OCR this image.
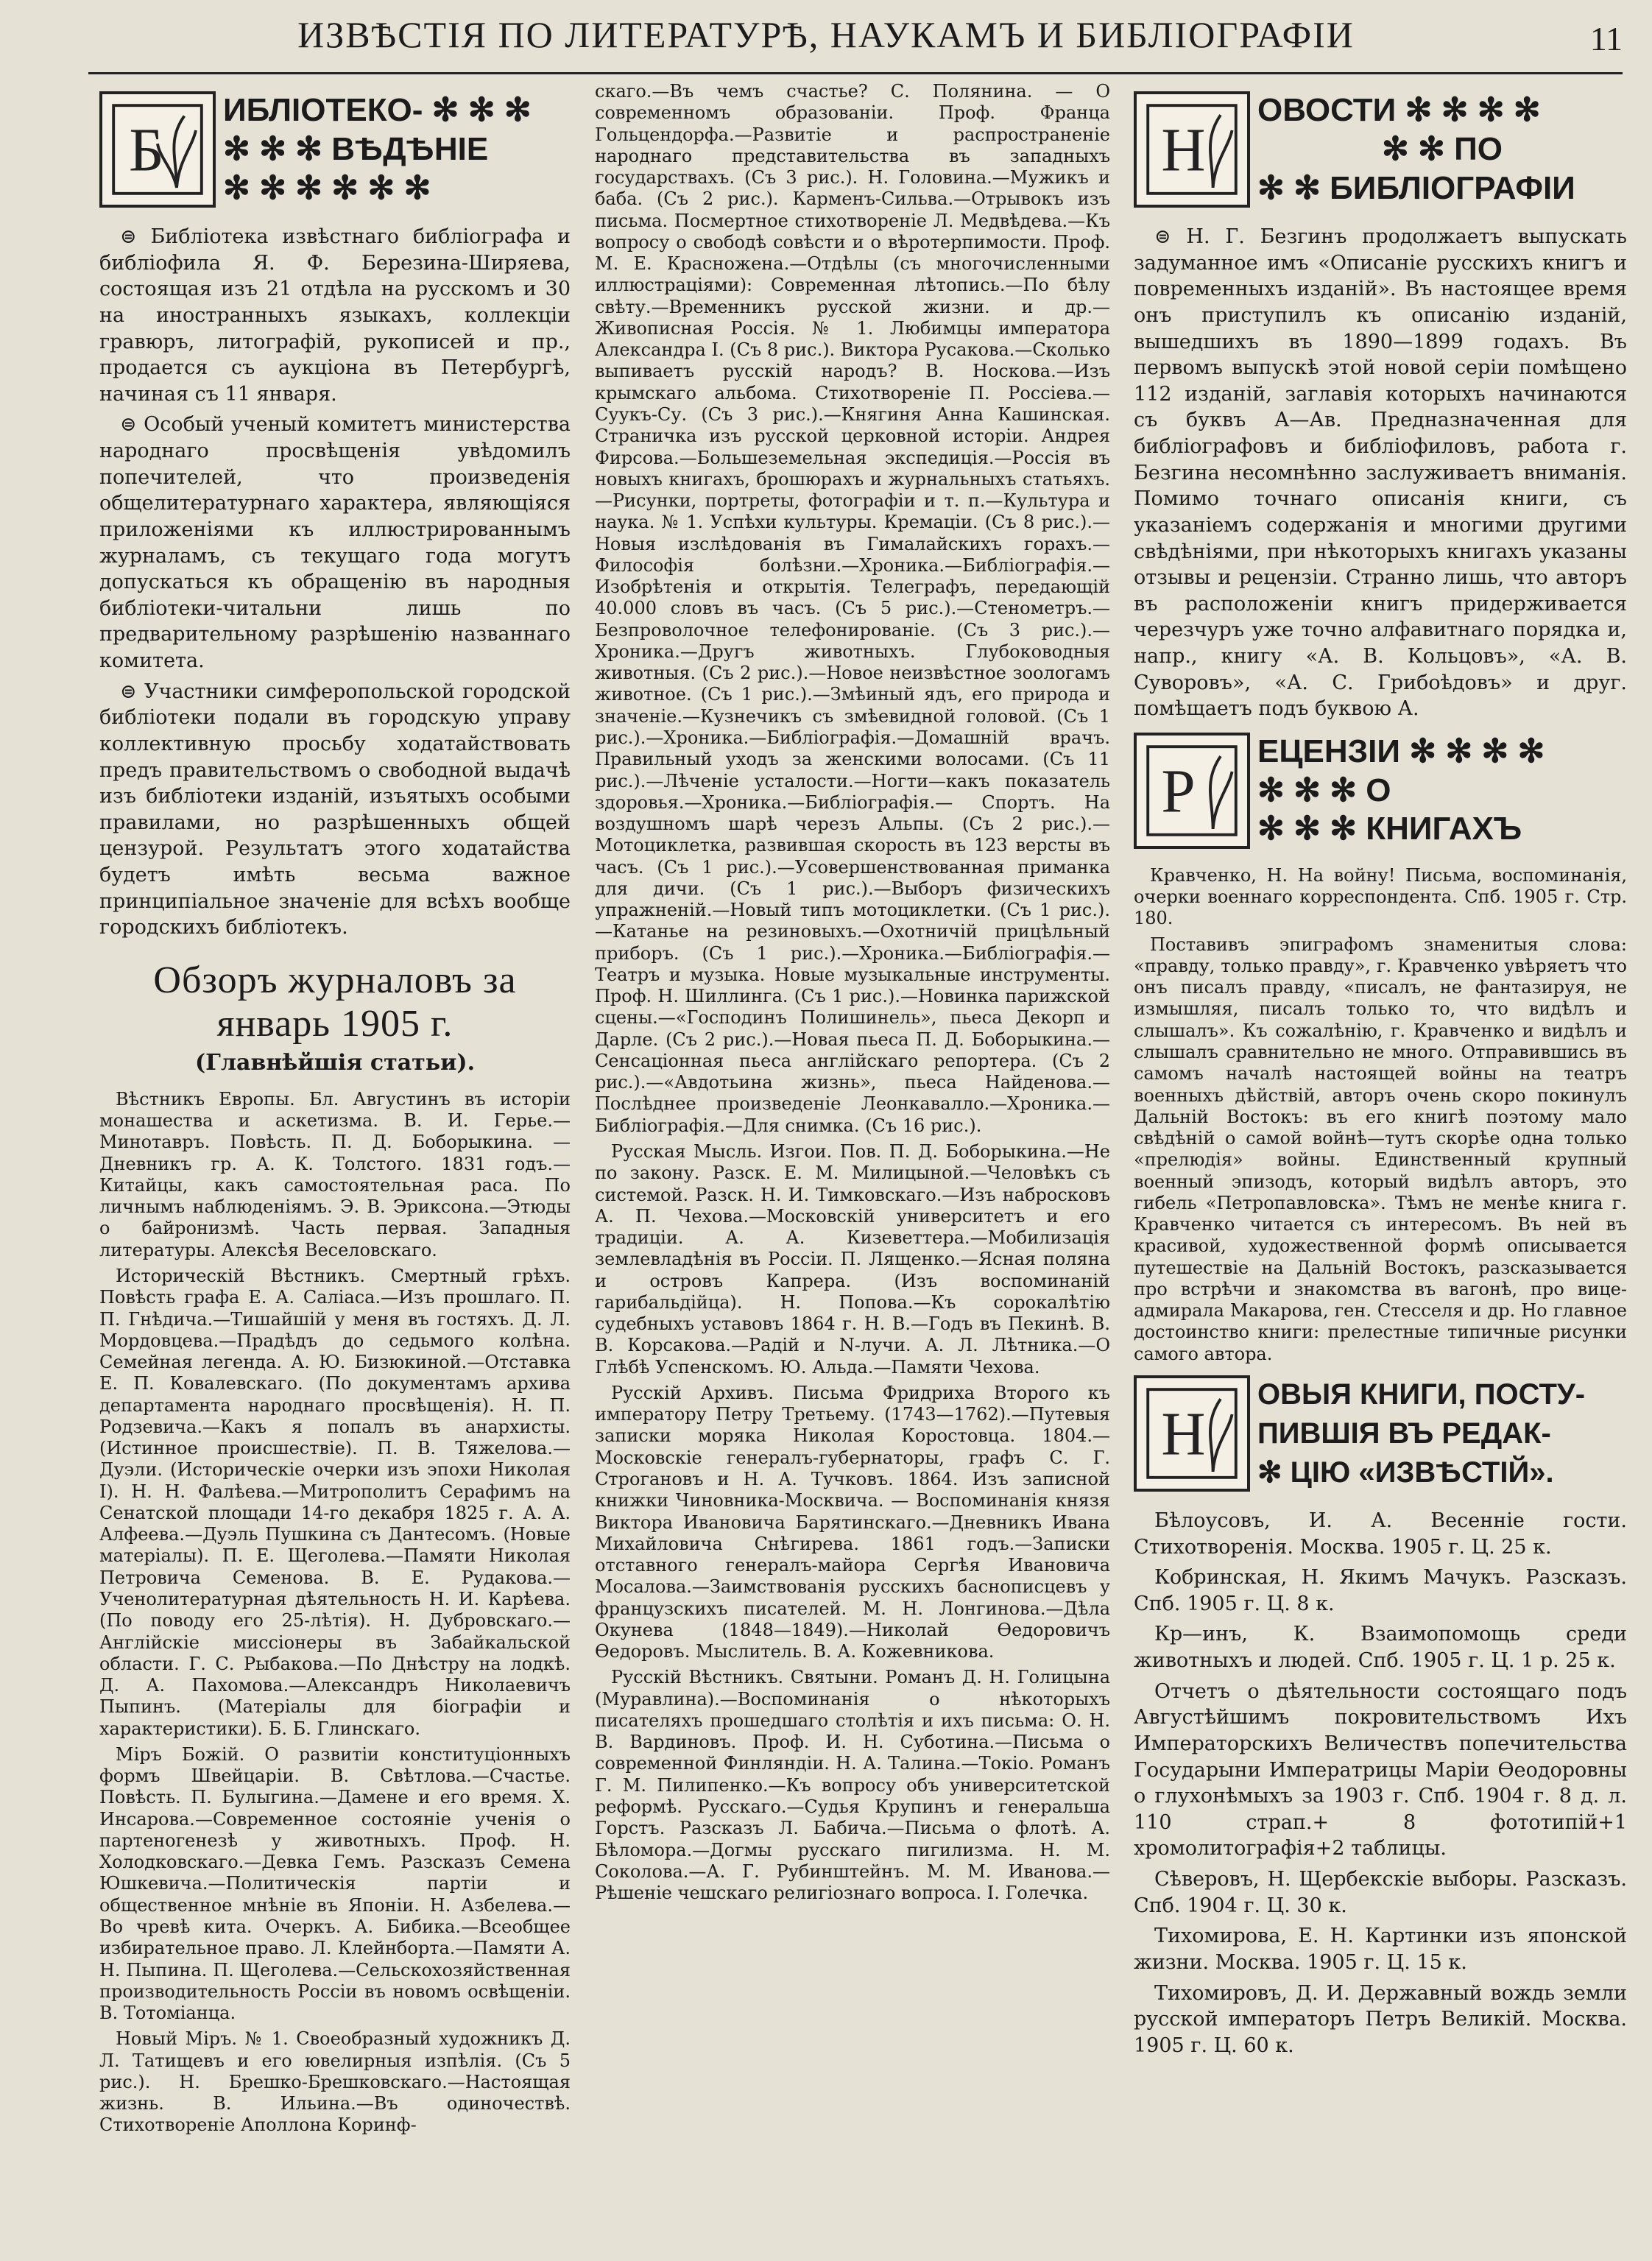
ИЗВѢСТІЯ ПО ЛИТЕРАТУРѢ, НАУКАМЪ И БИБЛІОГРАФІИ	11
Б
ИБЛІОТЕКО- ✻ ✻ ✻
✻ ✻ ✻ ВѢДѢНІЕ
✻ ✻ ✻ ✻ ✻ ✻

⊜ Библіотека извѣстнаго библіографа и библіофила Я. Ф. Березина-Ширяева, состоящая изъ 21 отдѣла на русскомъ и 30 на иностранныхъ языкахъ, коллекціи гравюръ, литографій, рукописей и пр., продается съ аукціона въ Петербургѣ, начиная съ 11 января.

⊜ Особый ученый комитетъ министерства народнаго просвѣщенія увѣдомилъ попечителей, что произведенія общелитературнаго характера, являющіяся приложеніями къ иллюстрированнымъ журналамъ, съ текущаго года могутъ допускаться къ обращенію въ народныя библіотеки-читальни лишь по предварительному разрѣшенію названнаго комитета.

⊜ Участники симферопольской городской библіотеки подали въ городскую управу коллективную просьбу ходатайствовать предъ правительствомъ о свободной выдачѣ изъ библіотеки изданій, изъятыхъ особыми правилами, но разрѣшенныхъ общей цензурой. Результатъ этого ходатайства будетъ имѣть весьма важное принципіальное значеніе для всѣхъ вообще городскихъ библіотекъ.

Обзоръ журналовъ за январь 1905 г.
(Главнѣйшія статьи).

Вѣстникъ Европы. Бл. Августинъ въ исторіи монашества и аскетизма. В. И. Герье.—Минотавръ. Повѣсть. П. Д. Боборыкина. — Дневникъ гр. А. К. Толстого. 1831 годъ.—Китайцы, какъ самостоятельная раса. По личнымъ наблюденіямъ. Э. В. Эриксона.—Этюды о байронизмѣ. Часть первая. Западныя литературы. Алексѣя Веселовскаго.

Историческій Вѣстникъ. Смертный грѣхъ. Повѣсть графа Е. А. Саліаса.—Изъ прошлаго. П. П. Гнѣдича.—Тишайшій у меня въ гостяхъ. Д. Л. Мордовцева.—Прадѣдъ до седьмого колѣна. Семейная легенда. А. Ю. Бизюкиной.—Отставка Е. П. Ковалевскаго. (По документамъ архива департамента народнаго просвѣщенія). Н. П. Родзевича.—Какъ я попалъ въ анархисты. (Истинное происшествіе). П. В. Тяжелова.—Дуэли. (Историческіе очерки изъ эпохи Николая I). Н. Н. Фалѣева.—Митрополитъ Серафимъ на Сенатской площади 14-го декабря 1825 г. А. А. Алфеева.—Дуэль Пушкина съ Дантесомъ. (Новые матеріалы). П. Е. Щеголева.—Памяти Николая Петровича Семенова. В. Е. Рудакова.—Ученолитературная дѣятельность Н. И. Карѣева. (По поводу его 25-лѣтія). Н. Дубровскаго.—Англійскіе миссіонеры въ Забайкальской области. Г. С. Рыбакова.—По Днѣстру на лодкѣ. Д. А. Пахомова.—Александръ Николаевичъ Пыпинъ. (Матеріалы для біографіи и характеристики). Б. Б. Глинскаго.

Міръ Божій. О развитіи конституціонныхъ формъ Швейцаріи. В. Свѣтлова.—Счастье. Повѣсть. П. Булыгина.—Дамене и его время. Х. Инсарова.—Современное состояніе ученія о партеногенезѣ у животныхъ. Проф. Н. Холодковскаго.—Девка Гемъ. Разсказъ Семена Юшкевича.—Политическія партіи и общественное мнѣніе въ Японіи. Н. Азбелева.—Во чревѣ кита. Очеркъ. А. Бибика.—Всеобщее избирательное право. Л. Клейнборта.—Памяти А. Н. Пыпина. П. Щеголева.—Сельскохозяйственная производительность Россіи въ новомъ освѣщеніи. В. Тотоміанца.

Новый Міръ. № 1. Своеобразный художникъ Д. Л. Татищевъ и его ювелирныя изпѣлія. (Съ 5 рис.). Н. Брешко-Брешковскаго.—Настоящая жизнь. В. Ильина.—Въ одиночествѣ. Стихотвореніе Аполлона Коринф-

скаго.—Въ чемъ счастье? С. Полянина. — О современномъ образованіи. Проф. Франца Гольцендорфа.—Развитіе и распространеніе народнаго представительства въ западныхъ государствахъ. (Съ 3 рис.). Н. Головина.—Мужикъ и баба. (Съ 2 рис.). Карменъ-Сильва.—Отрывокъ изъ письма. Посмертное стихотвореніе Л. Медвѣдева.—Къ вопросу о свободѣ совѣсти и о вѣротерпимости. Проф. М. Е. Красножена.—Отдѣлы (съ многочисленными иллюстраціями): Современная лѣтопись.—По бѣлу свѣту.—Временникъ русской жизни. и др.—Живописная Россія. № 1. Любимцы императора Александра I. (Съ 8 рис.). Виктора Русакова.—Сколько выпиваетъ русскій народъ? В. Носкова.—Изъ крымскаго альбома. Стихотвореніе П. Россіева.—Суукъ-Су. (Съ 3 рис.).—Княгиня Анна Кашинская. Страничка изъ русской церковной исторіи. Андрея Фирсова.—Большеземельная экспедиція.—Россія въ новыхъ книгахъ, брошюрахъ и журнальныхъ статьяхъ.—Рисунки, портреты, фотографіи и т. п.—Культура и наука. № 1. Успѣхи культуры. Кремаціи. (Съ 8 рис.).—Новыя изслѣдованія въ Гималайскихъ горахъ.—Философія болѣзни.—Хроника.—Библіографія.—Изобрѣтенія и открытія. Телеграфъ, передающій 40.000 словъ въ часъ. (Съ 5 рис.).—Стенометръ.—Безпроволочное телефонированіе. (Съ 3 рис.).—Хроника.—Другъ животныхъ. Глубоководныя животныя. (Съ 2 рис.).—Новое неизвѣстное зоологамъ животное. (Съ 1 рис.).—Змѣиный ядъ, его природа и значеніе.—Кузнечикъ съ змѣевидной головой. (Съ 1 рис.).—Хроника.—Библіографія.—Домашній врачъ. Правильный уходъ за женскими волосами. (Съ 11 рис.).—Лѣченіе усталости.—Ногти—какъ показатель здоровья.—Хроника.—Библіографія.— Спортъ. На воздушномъ шарѣ черезъ Альпы. (Съ 2 рис.).—Мотоциклетка, развившая скорость въ 123 версты въ часъ. (Съ 1 рис.).—Усовершенствованная приманка для дичи. (Съ 1 рис.).—Выборъ физическихъ упражненій.—Новый типъ мотоциклетки. (Съ 1 рис.).—Катанье на резиновыхъ.—Охотничій прицѣльный приборъ. (Съ 1 рис.).—Хроника.—Библіографія.—Театръ и музыка. Новые музыкальные инструменты. Проф. Н. Шиллинга. (Съ 1 рис.).—Новинка парижской сцены.—«Господинъ Полишинель», пьеса Декорп и Дарле. (Съ 2 рис.).—Новая пьеса П. Д. Боборыкина.—Сенсаціонная пьеса англійскаго репортера. (Съ 2 рис.).—«Авдотьина жизнь», пьеса Найденова.—Послѣднее произведеніе Леонкавалло.—Хроника.—Библіографія.—Для снимка. (Съ 16 рис.).

Русская Мысль. Изгои. Пов. П. Д. Боборыкина.—Не по закону. Разск. Е. М. Милицыной.—Человѣкъ съ системой. Разск. Н. И. Тимковскаго.—Изъ набросковъ А. П. Чехова.—Московскій университетъ и его традиціи. А. А. Кизеветтера.—Мобилизація землевладѣнія въ Россіи. П. Лященко.—Ясная поляна и островъ Капрера. (Изъ воспоминаній гарибальдійца). Н. Попова.—Къ сорокалѣтію судебныхъ уставовъ 1864 г. Н. В.—Годъ въ Пекинѣ. В. В. Корсакова.—Радій и N-лучи. А. Л. Лѣтника.—О Глѣбѣ Успенскомъ. Ю. Альда.—Памяти Чехова.

Русскій Архивъ. Письма Фридриха Второго къ императору Петру Третьему. (1743—1762).—Путевыя записки моряка Николая Коростовца. 1804.—Московскіе генералъ-губернаторы, графъ С. Г. Строгановъ и Н. А. Тучковъ. 1864. Изъ записной книжки Чиновника-Москвича. — Воспоминанія князя Виктора Ивановича Барятинскаго.—Дневникъ Ивана Михайловича Снѣгирева. 1861 годъ.—Записки отставного генералъ-майора Сергѣя Ивановича Мосалова.—Заимствованія русскихъ баснописцевъ у французскихъ писателей. М. Н. Лонгинова.—Дѣла Окунева (1848—1849).—Николай Ѳедоровичъ Ѳедоровъ. Мыслитель. В. А. Кожевникова.

Русскій Вѣстникъ. Святыни. Романъ Д. Н. Голицына (Муравлина).—Воспоминанія о нѣкоторыхъ писателяхъ прошедшаго столѣтія и ихъ письма: О. Н. В. Вардиновъ. Проф. И. Н. Суботина.—Письма о современной Финляндіи. Н. А. Талина.—Токіо. Романъ Г. М. Пилипенко.—Къ вопросу объ университетской реформѣ. Русскаго.—Судья Крупинъ и генеральша Горстъ. Разсказъ Л. Бабича.—Письма о флотѣ. А. Бѣломора.—Догмы русскаго пигилизма. Н. М. Соколова.—А. Г. Рубинштейнъ. М. М. Иванова.—Рѣшеніе чешскаго религіознаго вопроса. І. Голечка.

Н
ОВОСТИ ✻ ✻ ✻ ✻
✻ ✻ ПО
✻ ✻ БИБЛІОГРАФІИ

⊜ Н. Г. Безгинъ продолжаетъ выпускать задуманное имъ «Описаніе русскихъ книгъ и повременныхъ изданій». Въ настоящее время онъ приступилъ къ описанію изданій, вышедшихъ въ 1890—1899 годахъ. Въ первомъ выпускѣ этой новой серіи помѣщено 112 изданій, заглавія которыхъ начинаются съ буквъ А—Ав. Предназначенная для библіографовъ и библіофиловъ, работа г. Безгина несомнѣнно заслуживаетъ вниманія. Помимо точнаго описанія книги, съ указаніемъ содержанія и многими другими свѣдѣніями, при нѣкоторыхъ книгахъ указаны отзывы и рецензіи. Странно лишь, что авторъ въ расположеніи книгъ придерживается черезчуръ уже точно алфавитнаго порядка и, напр., книгу «А. В. Кольцовъ», «А. В. Суворовъ», «А. С. Грибоѣдовъ» и друг. помѣщаетъ подъ буквою А.

Р
ЕЦЕНЗІИ ✻ ✻ ✻ ✻
✻ ✻ ✻ О
✻ ✻ ✻ КНИГАХЪ

Кравченко, Н. На войну! Письма, воспоминанія, очерки военнаго корреспондента. Спб. 1905 г. Стр. 180.

Поставивъ эпиграфомъ знаменитыя слова: «правду, только правду», г. Кравченко увѣряетъ что онъ писалъ правду, «писалъ, не фантазируя, не измышляя, писалъ только то, что видѣлъ и слышалъ». Къ сожалѣнію, г. Кравченко и видѣлъ и слышалъ сравнительно не много. Отправившись въ самомъ началѣ настоящей войны на театръ военныхъ дѣйствій, авторъ очень скоро покинулъ Дальній Востокъ: въ его книгѣ поэтому мало свѣдѣній о самой войнѣ—тутъ скорѣе одна только «прелюдія» войны. Единственный крупный военный эпизодъ, который видѣлъ авторъ, это гибель «Петропавловска». Тѣмъ не менѣе книга г. Кравченко читается съ интересомъ. Въ ней въ красивой, художественной формѣ описывается путешествіе на Дальній Востокъ, разсказывается про встрѣчи и знакомства въ вагонѣ, про вице-адмирала Макарова, ген. Стесселя и др. Но главное достоинство книги: прелестные типичные рисунки самого автора.

Н
ОВЫЯ КНИГИ, ПОСТУ-
ПИВШІЯ ВЪ РЕДАК-
✻ ЦІЮ «ИЗВѢСТІЙ».

Бѣлоусовъ, И. А. Весенніе гости. Стихотворенія. Москва. 1905 г. Ц. 25 к.

Кобринская, Н. Якимъ Мачукъ. Разсказъ. Спб. 1905 г. Ц. 8 к.

Кр—инъ, К. Взаимопомощь среди животныхъ и людей. Спб. 1905 г. Ц. 1 р. 25 к.

Отчетъ о дѣятельности состоящаго подъ Августѣйшимъ покровительствомъ Ихъ Императорскихъ Величествъ попечительства Государыни Императрицы Маріи Ѳеодоровны о глухонѣмыхъ за 1903 г. Спб. 1904 г. 8 д. л. 110 страп.+ 8 фототипій+1 хромолитографія+2 таблицы.

Сѣверовъ, Н. Щербекскіе выборы. Разсказъ. Спб. 1904 г. Ц. 30 к.

Тихомирова, Е. Н. Картинки изъ японской жизни. Москва. 1905 г. Ц. 15 к.

Тихомировъ, Д. И. Державный вождь земли русской императоръ Петръ Великій. Москва. 1905 г. Ц. 60 к.
